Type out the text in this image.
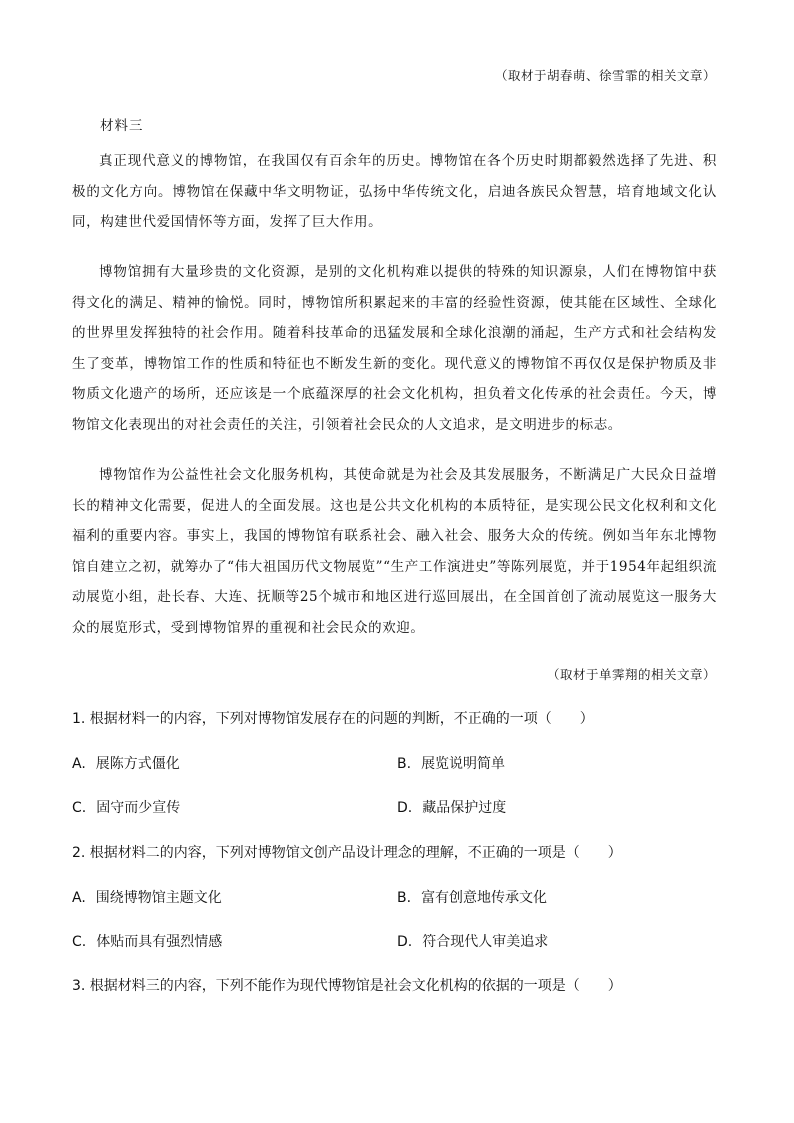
（取材于胡春萌、徐雪霏的相关文章）
材料三

真正现代意义的博物馆，在我国仅有百余年的历史。博物馆在各个历史时期都毅然选择了先进、积极的文化方向。博物馆在保藏中华文明物证，弘扬中华传统文化，启迪各族民众智慧，培育地域文化认同，构建世代爱国情怀等方面，发挥了巨大作用。

博物馆拥有大量珍贵的文化资源，是别的文化机构难以提供的特殊的知识源泉，人们在博物馆中获得文化的满足、精神的愉悦。同时，博物馆所积累起来的丰富的经验性资源，使其能在区域性、全球化的世界里发挥独特的社会作用。随着科技革命的迅猛发展和全球化浪潮的涌起，生产方式和社会结构发生了变革，博物馆工作的性质和特征也不断发生新的变化。现代意义的博物馆不再仅仅是保护物质及非物质文化遗产的场所，还应该是一个底蕴深厚的社会文化机构，担负着文化传承的社会责任。今天，博物馆文化表现出的对社会责任的关注，引领着社会民众的人文追求，是文明进步的标志。

博物馆作为公益性社会文化服务机构，其使命就是为社会及其发展服务，不断满足广大民众日益增长的精神文化需要，促进人的全面发展。这也是公共文化机构的本质特征，是实现公民文化权利和文化福利的重要内容。事实上，我国的博物馆有联系社会、融入社会、服务大众的传统。例如当年东北博物馆自建立之初，就筹办了“伟大祖国历代文物展览”“生产工作演进史”等陈列展览，并于1954年起组织流动展览小组，赴长春、大连、抚顺等25个城市和地区进行巡回展出，在全国首创了流动展览这一服务大众的展览形式，受到博物馆界的重视和社会民众的欢迎。

（取材于单霁翔的相关文章）
1. 根据材料一的内容，下列对博物馆发展存在的问题的判断，不正确的一项（　　）
A. 展陈方式僵化	B. 展览说明简单
C. 固守而少宣传	D. 藏品保护过度
2. 根据材料二的内容，下列对博物馆文创产品设计理念的理解，不正确的一项是（　　）
A. 围绕博物馆主题文化	B. 富有创意地传承文化
C. 体贴而具有强烈情感	D. 符合现代人审美追求
3. 根据材料三的内容，下列不能作为现代博物馆是社会文化机构的依据的一项是（　　）
